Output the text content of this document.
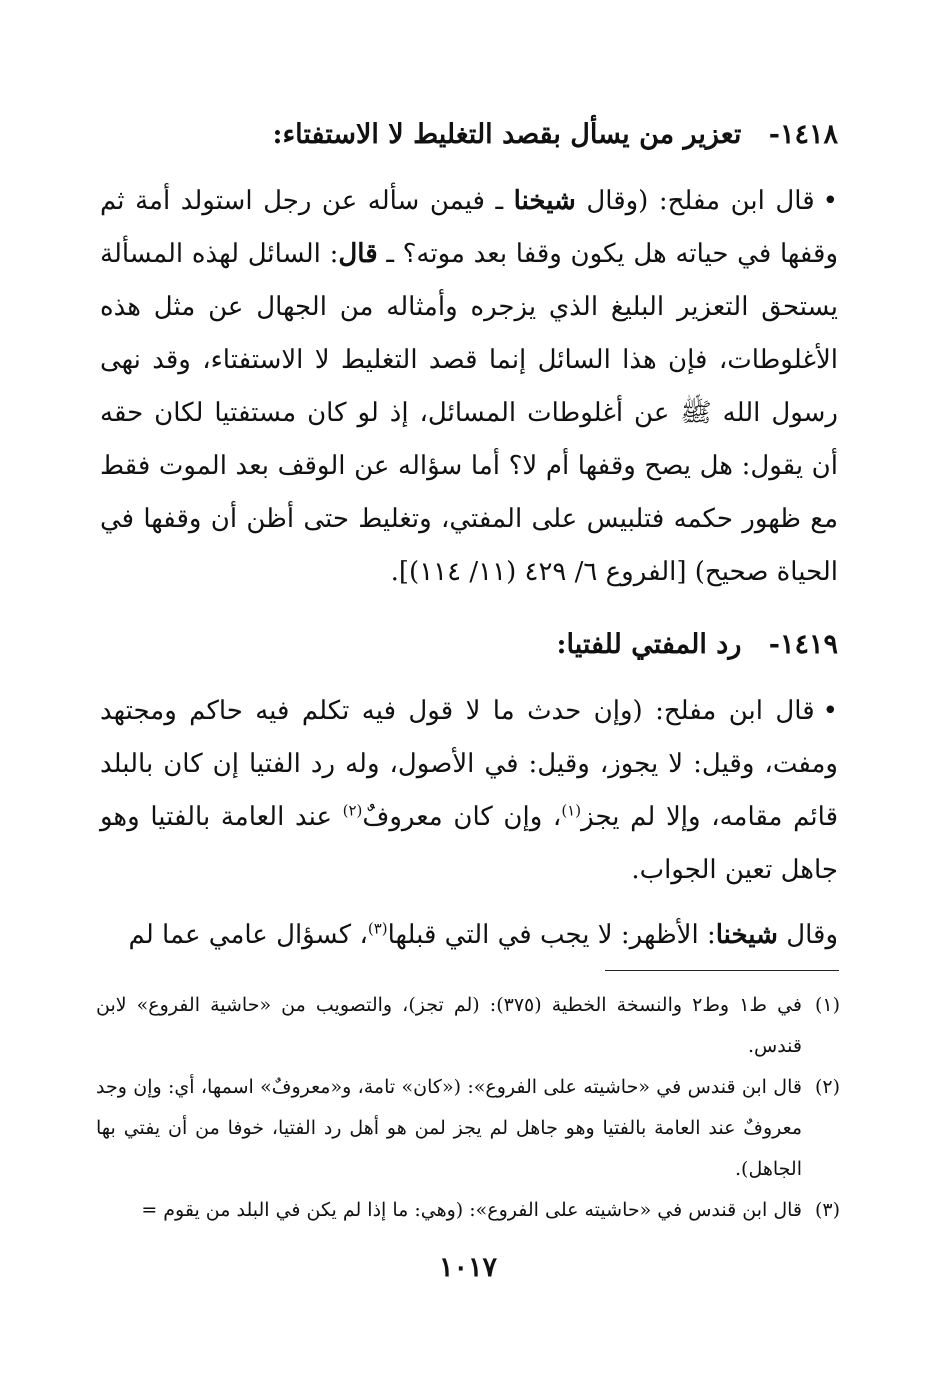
١٤١٨- تعزير من يسأل بقصد التغليط لا الاستفتاء:

•قال ابن مفلح: (وقال شيخنا ـ فيمن سأله عن رجل استولد أمة ثم وقفها في حياته هل يكون وقفا بعد موته؟ ـ قال: السائل لهذه المسألة يستحق التعزير البليغ الذي يزجره وأمثاله من الجهال عن مثل هذه الأغلوطات، فإن هذا السائل إنما قصد التغليط لا الاستفتاء، وقد نهى رسول الله ﷺ عن أغلوطات المسائل، إذ لو كان مستفتيا لكان حقه أن يقول: هل يصح وقفها أم لا؟ أما سؤاله عن الوقف بعد الموت فقط مع ظهور حكمه فتلبيس على المفتي، وتغليط حتى أظن أن وقفها في الحياة صحيح) [الفروع ٦/ ٤٢٩ (١١/ ١١٤)].

١٤١٩- رد المفتي للفتيا:

•قال ابن مفلح: (وإن حدث ما لا قول فيه تكلم فيه حاكم ومجتهد ومفت، وقيل: لا يجوز، وقيل: في الأصول، وله رد الفتيا إن كان بالبلد قائم مقامه، وإلا لم يجز$^{(١)}$، وإن كان معروفٌ$^{(٢)}$ عند العامة بالفتيا وهو جاهل تعين الجواب.

وقال شيخنا: الأظهر: لا يجب في التي قبلها$^{(٣)}$، كسؤال عامي عما لم

(١)
في ط١ وط٢ والنسخة الخطية (٣٧٥): (لم تجز)، والتصويب من «حاشية الفروع» لابن قندس.

(٢)
قال ابن قندس في «حاشيته على الفروع»: («كان» تامة، و«معروفٌ» اسمها، أي: وإن وجد معروفٌ عند العامة بالفتيا وهو جاهل لم يجز لمن هو أهل رد الفتيا، خوفا من أن يفتي بها الجاهل).

(٣)
قال ابن قندس في «حاشيته على الفروع»: (وهي: ما إذا لم يكن في البلد من يقوم =

١٠١٧
